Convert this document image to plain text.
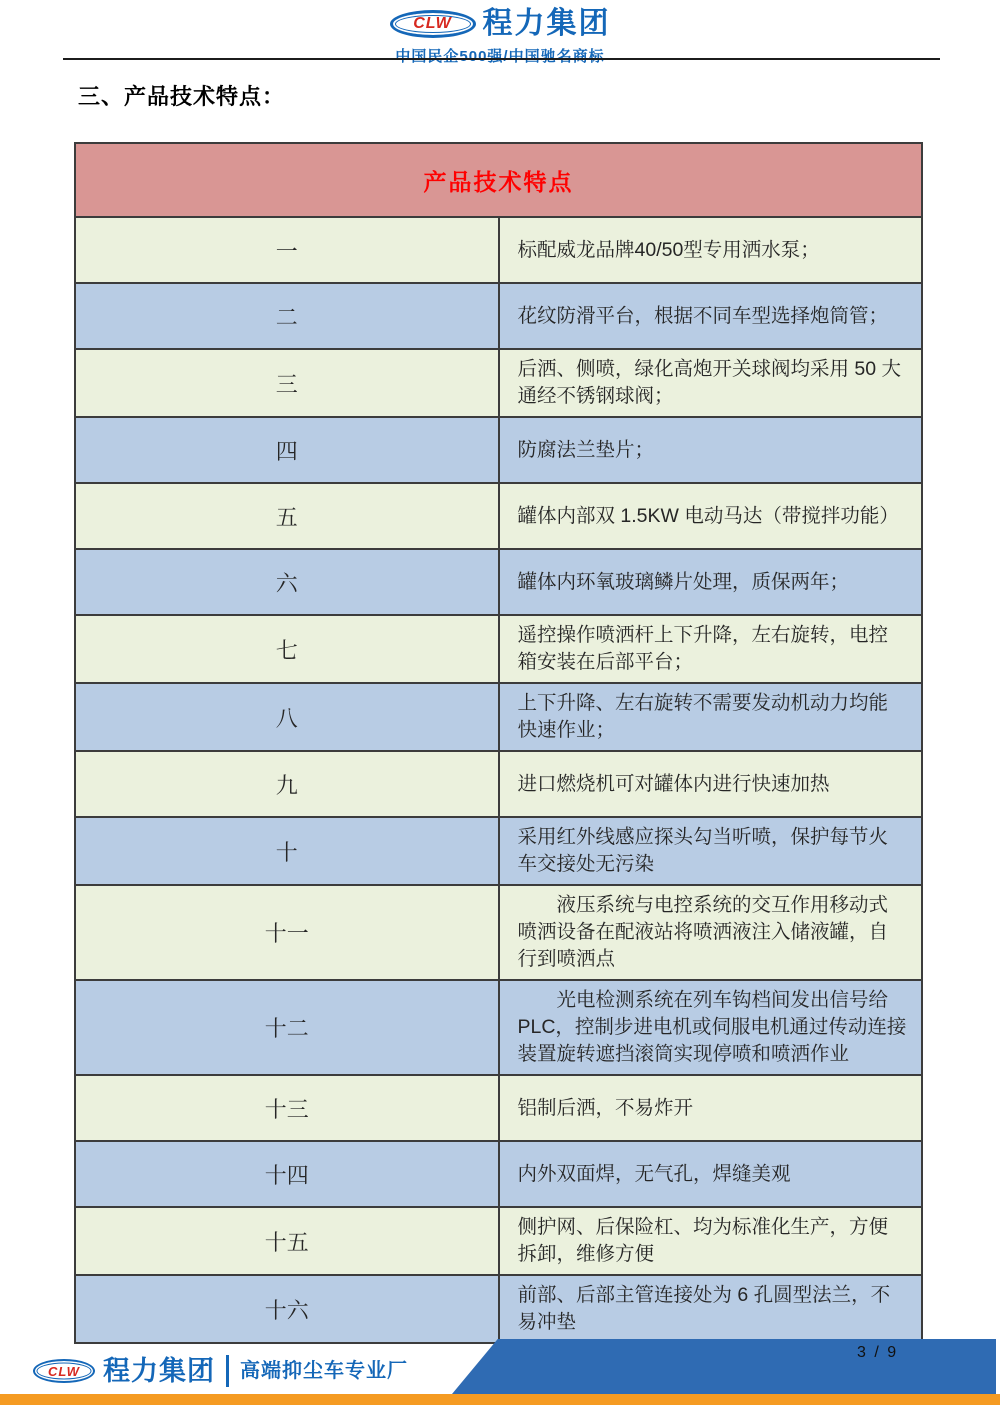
CLW 程力集团
中国民企500强/中国驰名商标
三、产品技术特点：
产品技术特点	
一	标配威龙品牌40/50型专用洒水泵；

二	花纹防滑平台，根据不同车型选择炮筒管；

三	后洒、侧喷，绿化高炮开关球阀均采用 50 大通经不锈钢球阀；

四	防腐法兰垫片；

五	罐体内部双 1.5KW 电动马达（带搅拌功能）

六	罐体内环氧玻璃鳞片处理，质保两年；

七	遥控操作喷洒杆上下升降，左右旋转，电控箱安装在后部平台；

八	上下升降、左右旋转不需要发动机动力均能快速作业；

九	进口燃烧机可对罐体内进行快速加热

十	采用红外线感应探头勾当听喷，保护每节火车交接处无污染

十一	液压系统与电控系统的交互作用移动式喷洒设备在配液站将喷洒液注入储液罐，自行到喷洒点

十二	光电检测系统在列车钩档间发出信号给 PLC，控制步进电机或伺服电机通过传动连接装置旋转遮挡滚筒实现停喷和喷洒作业

十三	铝制后洒，不易炸开

十四	内外双面焊，无气孔，焊缝美观

十五	侧护网、后保险杠、均为标准化生产，方便拆卸，维修方便

十六	前部、后部主管连接处为 6 孔圆型法兰，不易冲垫
3 / 9
CLW 程力集团 高端抑尘车专业厂
